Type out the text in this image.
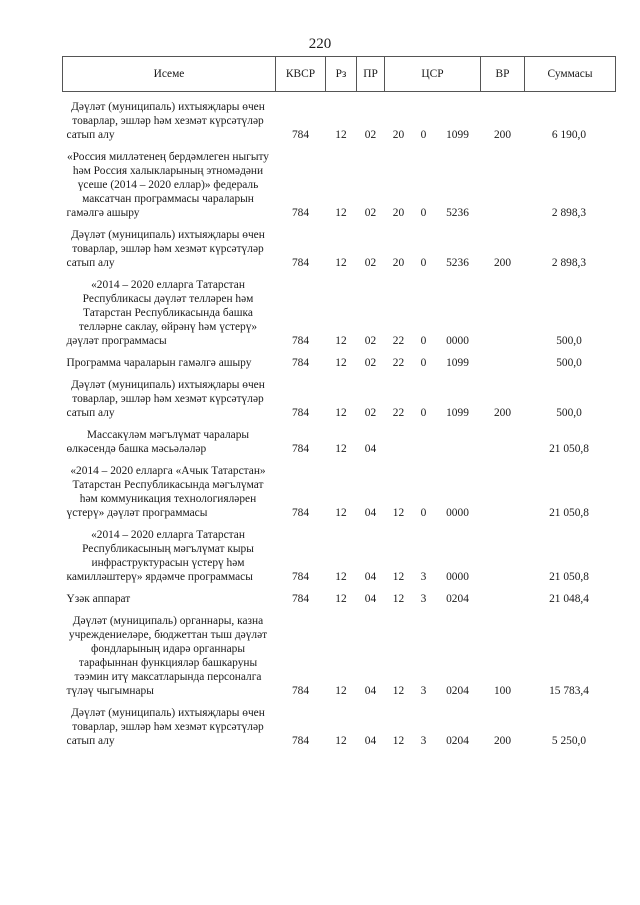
220
Исеме	КВСР	Рз	ПР	ЦСР			ВР	Суммасы
Дәүләт (муниципаль) ихтыяҗлары өчен товарлар, эшләр һәм хезмәт күрсәтүләр сатып алу	784	12	02	20	0	1099	200	6 190,0
«Россия милләтенең бердәмлеген ныгыту һәм Россия халыкларының этномәдәни үсеше (2014 – 2020 еллар)» федераль максатчан программасы чараларын гамәлгә ашыру	784	12	02	20	0	5236		2 898,3
Дәүләт (муниципаль) ихтыяҗлары өчен товарлар, эшләр һәм хезмәт күрсәтүләр сатып алу	784	12	02	20	0	5236	200	2 898,3
«2014 – 2020 елларга Татарстан Республикасы дәүләт телләрен һәм Татарстан Республикасында башка телләрне саклау, өйрәнү һәм үстерү» дәүләт программасы	784	12	02	22	0	0000		500,0
Программа чараларын гамәлгә ашыру	784	12	02	22	0	1099		500,0
Дәүләт (муниципаль) ихтыяҗлары өчен товарлар, эшләр һәм хезмәт күрсәтүләр сатып алу	784	12	02	22	0	1099	200	500,0
Массакүләм мәгълүмат чаралары өлкәсендә башка мәсьәләләр	784	12	04					21 050,8
«2014 – 2020 елларга «Ачык Татарстан» Татарстан Республикасында мәгълүмат һәм коммуникация технологияләрен үстерү» дәүләт программасы	784	12	04	12	0	0000		21 050,8
«2014 – 2020 елларга Татарстан Республикасының мәгълүмат кыры инфраструктурасын үстерү һәм камилләштерү» ярдәмче программасы	784	12	04	12	3	0000		21 050,8
Үзәк аппарат	784	12	04	12	3	0204		21 048,4
Дәүләт (муниципаль) органнары, казна учреждениеләре, бюджеттан тыш дәүләт фондларының идарә органнары тарафыннан функцияләр башкаруны тәэмин итү максатларында персоналга түләү чыгымнары	784	12	04	12	3	0204	100	15 783,4
Дәүләт (муниципаль) ихтыяҗлары өчен товарлар, эшләр һәм хезмәт күрсәтүләр сатып алу	784	12	04	12	3	0204	200	5 250,0
